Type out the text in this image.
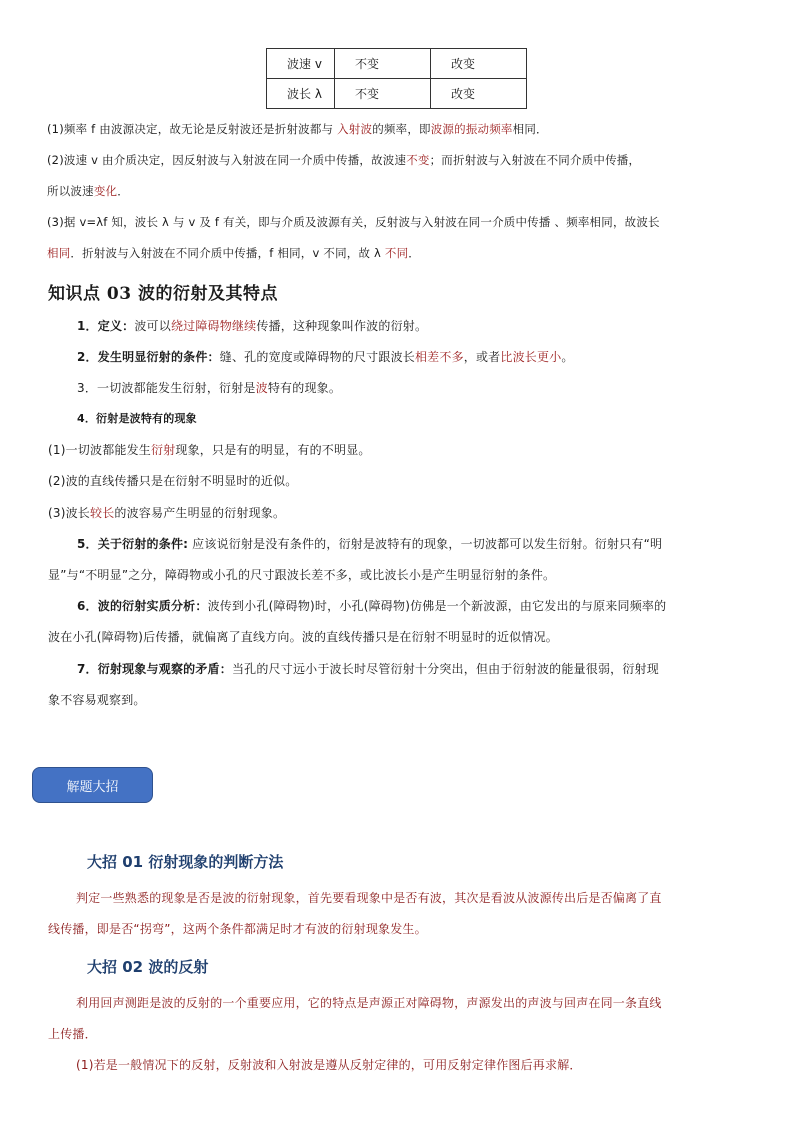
波速 v	不变	改变
波长 λ	不变	改变
(1)频率 f 由波源决定，故无论是反射波还是折射波都与 入射波的频率，即波源的振动频率相同．
(2)波速 v 由介质决定，因反射波与入射波在同一介质中传播，故波速不变；而折射波与入射波在不同介质中传播，
所以波速变化．
(3)据 v=λf 知，波长 λ 与 v 及 f 有关，即与介质及波源有关，反射波与入射波在同一介质中传播 、频率相同，故波长
相同．折射波与入射波在不同介质中传播，f 相同，v 不同，故 λ 不同．
知识点 03 波的衍射及其特点
1．定义：波可以绕过障碍物继续传播，这种现象叫作波的衍射。
2．发生明显衍射的条件：缝、孔的宽度或障碍物的尺寸跟波长相差不多，或者比波长更小。
3．一切波都能发生衍射，衍射是波特有的现象。
4．衍射是波特有的现象
(1)一切波都能发生衍射现象，只是有的明显，有的不明显。
(2)波的直线传播只是在衍射不明显时的近似。
(3)波长较长的波容易产生明显的衍射现象。
5．关于衍射的条件: 应该说衍射是没有条件的，衍射是波特有的现象，一切波都可以发生衍射。衍射只有“明
显”与“不明显”之分，障碍物或小孔的尺寸跟波长差不多，或比波长小是产生明显衍射的条件。
6．波的衍射实质分析：波传到小孔(障碍物)时，小孔(障碍物)仿佛是一个新波源，由它发出的与原来同频率的
波在小孔(障碍物)后传播，就偏离了直线方向。波的直线传播只是在衍射不明显时的近似情况。
7．衍射现象与观察的矛盾：当孔的尺寸远小于波长时尽管衍射十分突出，但由于衍射波的能量很弱，衍射现
象不容易观察到。
解题大招
大招 01 衍射现象的判断方法
判定一些熟悉的现象是否是波的衍射现象，首先要看现象中是否有波，其次是看波从波源传出后是否偏离了直
线传播，即是否“拐弯”，这两个条件都满足时才有波的衍射现象发生。
大招 02 波的反射
利用回声测距是波的反射的一个重要应用，它的特点是声源正对障碍物，声源发出的声波与回声在同一条直线
上传播．
(1)若是一般情况下的反射，反射波和入射波是遵从反射定律的，可用反射定律作图后再求解．
